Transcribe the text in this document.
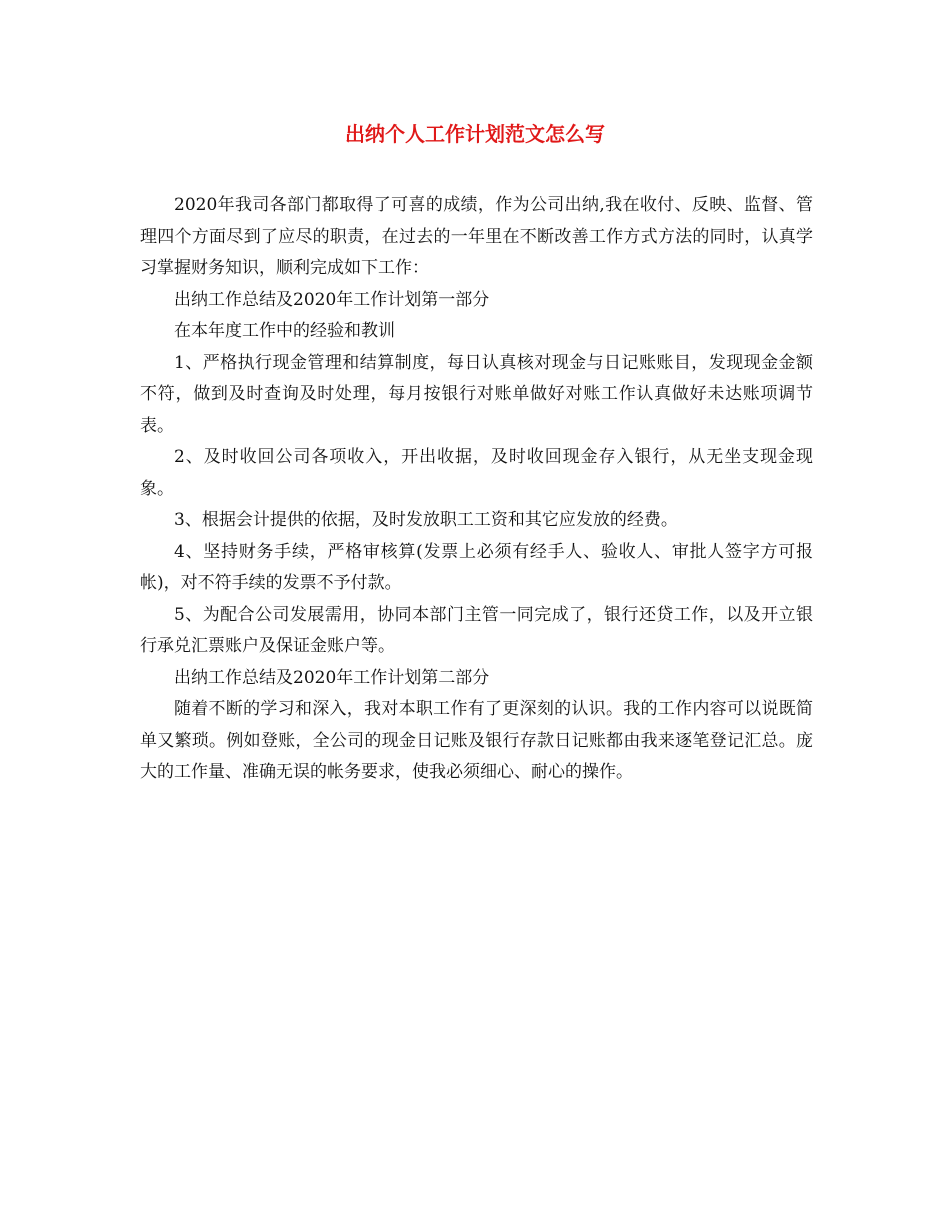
出纳个人工作计划范文怎么写

2020年我司各部门都取得了可喜的成绩，作为公司出纳,我在收付、反映、监督、管理四个方面尽到了应尽的职责，在过去的一年里在不断改善工作方式方法的同时，认真学习掌握财务知识，顺利完成如下工作：

出纳工作总结及2020年工作计划第一部分

在本年度工作中的经验和教训

1、严格执行现金管理和结算制度，每日认真核对现金与日记账账目，发现现金金额不符，做到及时查询及时处理，每月按银行对账单做好对账工作认真做好未达账项调节表。

2、及时收回公司各项收入，开出收据，及时收回现金存入银行，从无坐支现金现象。

3、根据会计提供的依据，及时发放职工工资和其它应发放的经费。

4、坚持财务手续，严格审核算(发票上必须有经手人、验收人、审批人签字方可报帐)，对不符手续的发票不予付款。

5、为配合公司发展需用，协同本部门主管一同完成了，银行还贷工作，以及开立银行承兑汇票账户及保证金账户等。

出纳工作总结及2020年工作计划第二部分

随着不断的学习和深入，我对本职工作有了更深刻的认识。我的工作内容可以说既简单又繁琐。例如登账，全公司的现金日记账及银行存款日记账都由我来逐笔登记汇总。庞大的工作量、准确无误的帐务要求，使我必须细心、耐心的操作。
